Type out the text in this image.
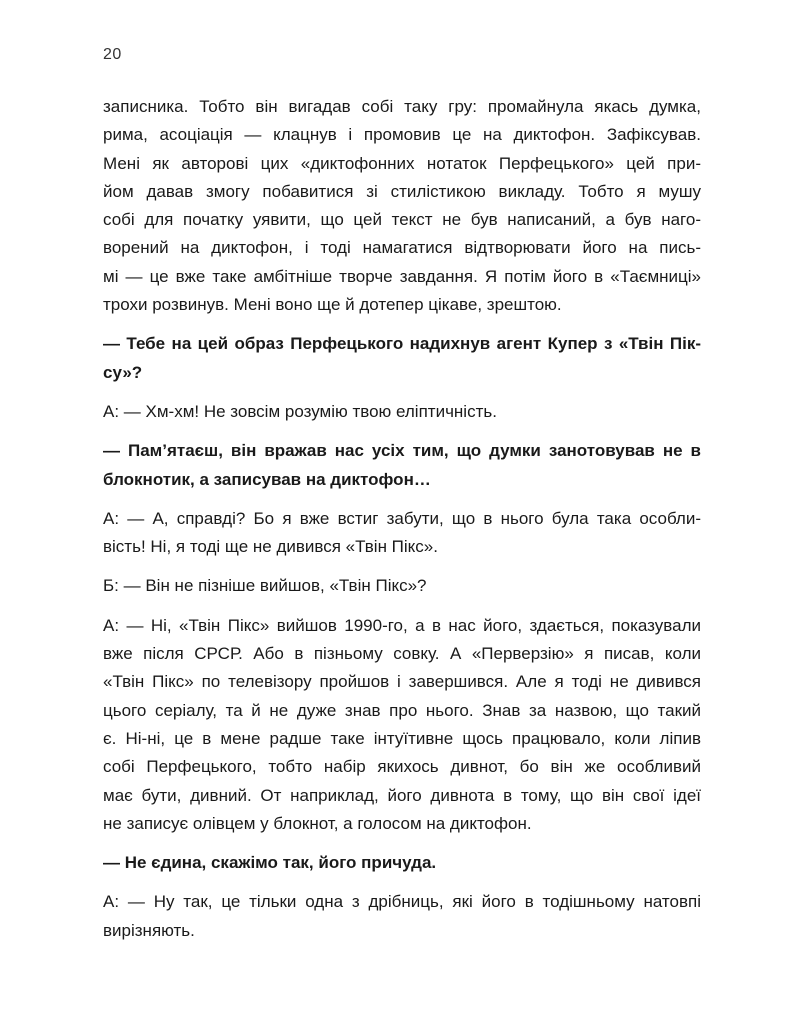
20

записника. Тобто він вигадав собі таку гру: промайнула якась думка,
рима, асоціація — клацнув і промовив це на диктофон. Зафіксував.
Мені як авторові цих «диктофонних нотаток Перфецького» цей при-
йом давав змогу побавитися зі стилістикою викладу. Тобто я мушу
собі для початку уявити, що цей текст не був написаний, а був наго-
ворений на диктофон, і тоді намагатися відтворювати його на пись-
мі — це вже таке амбітніше творче завдання. Я потім його в «Таємниці»
трохи розвинув. Мені воно ще й дотепер цікаве, зрештою.

— Тебе на цей образ Перфецького надихнув агент Купер з «Твін Пік-
су»?

А: — Хм-хм! Не зовсім розумію твою еліптичність.

— Пам’ятаєш, він вражав нас усіх тим, що думки занотовував не в
блокнотик, а записував на диктофон…

А: — А, справді? Бо я вже встиг забути, що в нього була така особли-
вість! Ні, я тоді ще не дивився «Твін Пікс».

Б: — Він не пізніше вийшов, «Твін Пікс»?

А: — Ні, «Твін Пікс» вийшов 1990-го, а в нас його, здається, показували
вже після СРСР. Або в пізньому совку. А «Перверзію» я писав, коли
«Твін Пікс» по телевізору пройшов і завершився. Але я тоді не дивився
цього серіалу, та й не дуже знав про нього. Знав за назвою, що такий
є. Ні-ні, це в мене радше таке інтуїтивне щось працювало, коли ліпив
собі Перфецького, тобто набір якихось дивнот, бо він же особливий
має бути, дивний. От наприклад, його дивнота в тому, що він свої ідеї
не записує олівцем у блокнот, а голосом на диктофон.

— Не єдина, скажімо так, його причуда.

А: — Ну так, це тільки одна з дрібниць, які його в тодішньому натовпі
вирізняють.
